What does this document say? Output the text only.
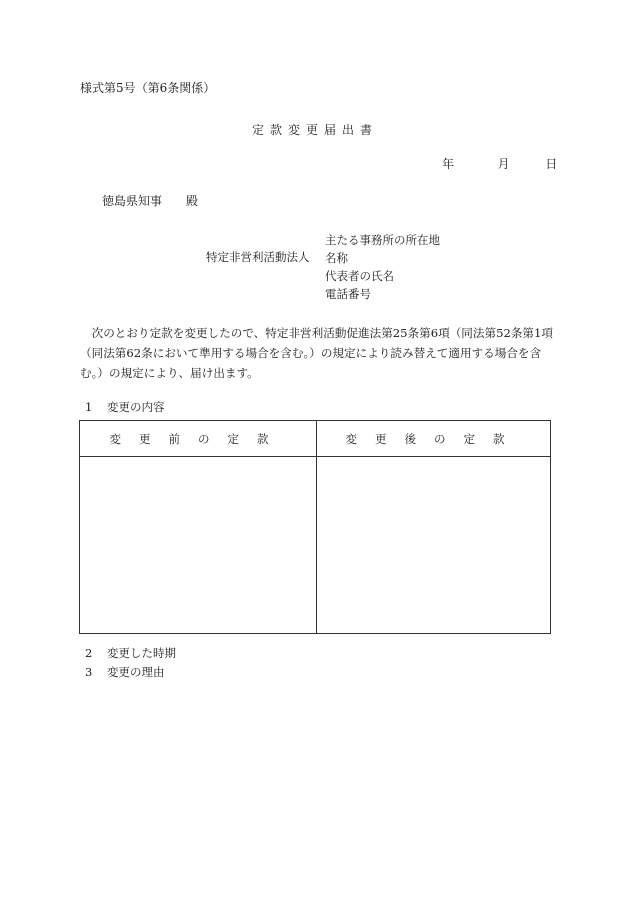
様式第5号（第6条関係）
定款変更届出書
年	月	日
徳島県知事　　殿
特定非営利活動法人
主たる事務所の所在地
名称
代表者の氏名
電話番号
次のとおり定款を変更したので、特定非営利活動促進法第25条第6項（同法第52条第1項（同法第62条において準用する場合を含む。）の規定により読み替えて適用する場合を含む。）の規定により、届け出ます。
1 変更の内容
変更前の定款	変更後の定款
2 変更した時期
3 変更の理由
